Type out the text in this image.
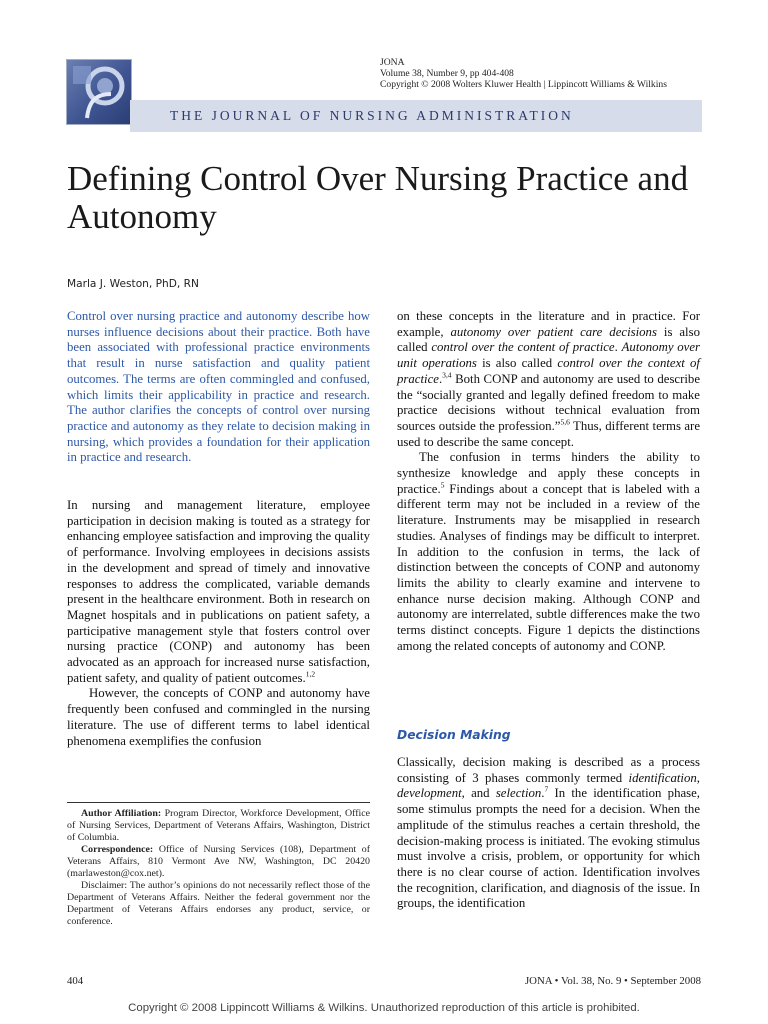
THE JOURNAL OF NURSING ADMINISTRATION
JONA
Volume 38, Number 9, pp 404-408
Copyright © 2008 Wolters Kluwer Health | Lippincott Williams & Wilkins
Defining Control Over Nursing Practice and Autonomy
Marla J. Weston, PhD, RN

Control over nursing practice and autonomy describe how nurses influence decisions about their practice. Both have been associated with professional practice environments that result in nurse satisfaction and quality patient outcomes. The terms are often commingled and confused, which limits their applicability in practice and research. The author clarifies the concepts of control over nursing practice and autonomy as they relate to decision making in nursing, which provides a foundation for their application in practice and research.

In nursing and management literature, employee participation in decision making is touted as a strategy for enhancing employee satisfaction and improving the quality of performance. Involving employees in decisions assists in the development and spread of timely and innovative responses to address the complicated, variable demands present in the healthcare environment. Both in research on Magnet hospitals and in publications on patient safety, a participative management style that fosters control over nursing practice (CONP) and autonomy has been advocated as an approach for increased nurse satisfaction, patient safety, and quality of patient outcomes.$^{1,2}$

However, the concepts of CONP and autonomy have frequently been confused and commingled in the nursing literature. The use of different terms to label identical phenomena exemplifies the confusion

on these concepts in the literature and in practice. For example, autonomy over patient care decisions is also called control over the content of practice. Autonomy over unit operations is also called control over the context of practice.$^{3,4}$ Both CONP and autonomy are used to describe the “socially granted and legally defined freedom to make practice decisions without technical evaluation from sources outside the profession.”$^{5,6}$ Thus, different terms are used to describe the same concept.

The confusion in terms hinders the ability to synthesize knowledge and apply these concepts in practice.$^5$ Findings about a concept that is labeled with a different term may not be included in a review of the literature. Instruments may be misapplied in research studies. Analyses of findings may be difficult to interpret. In addition to the confusion in terms, the lack of distinction between the concepts of CONP and autonomy limits the ability to clearly examine and intervene to enhance nurse decision making. Although CONP and autonomy are interrelated, subtle differences make the two terms distinct concepts. Figure 1 depicts the distinctions among the related concepts of autonomy and CONP.

Decision Making

Classically, decision making is described as a process consisting of 3 phases commonly termed identification, development, and selection.$^7$ In the identification phase, some stimulus prompts the need for a decision. When the amplitude of the stimulus reaches a certain threshold, the decision-making process is initiated. The evoking stimulus must involve a crisis, problem, or opportunity for which there is no clear course of action. Identification involves the recognition, clarification, and diagnosis of the issue. In groups, the identification

Author Affiliation: Program Director, Workforce Development, Office of Nursing Services, Department of Veterans Affairs, Washington, District of Columbia.

Correspondence: Office of Nursing Services (108), Department of Veterans Affairs, 810 Vermont Ave NW, Washington, DC 20420 (marlaweston@cox.net).

Disclaimer: The author’s opinions do not necessarily reflect those of the Department of Veterans Affairs. Neither the federal government nor the Department of Veterans Affairs endorses any product, service, or conference.

404	JONA • Vol. 38, No. 9 • September 2008
Copyright © 2008 Lippincott Williams & Wilkins. Unauthorized reproduction of this article is prohibited.
